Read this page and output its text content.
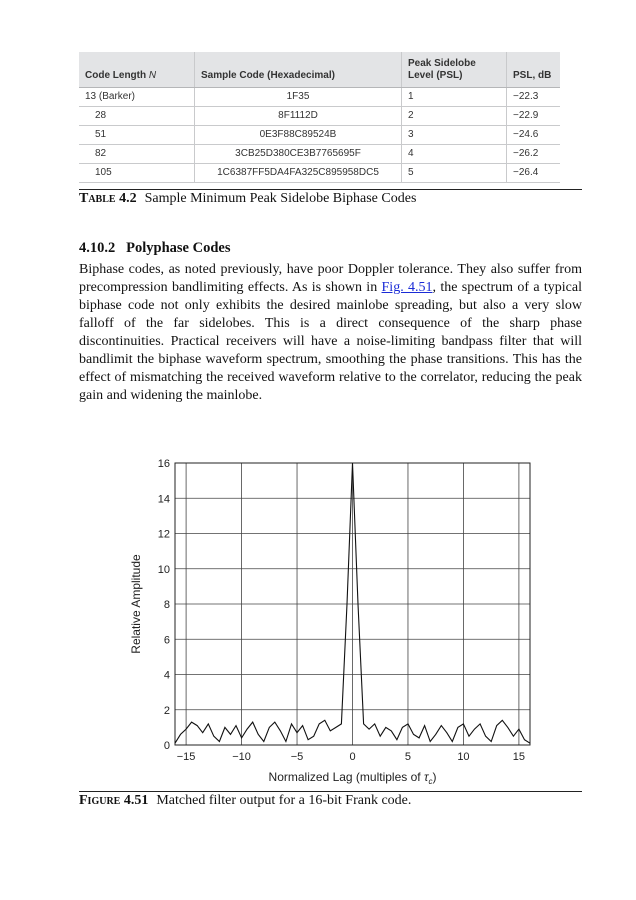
Code Length N	Sample Code (Hexadecimal)	Peak Sidelobe Level (PSL)	PSL, dB
13 (Barker)	1F35	1	−22.3
28	8F1112D	2	−22.9
51	0E3F88C89524B	3	−24.6
82	3CB25D380CE3B7765695F	4	−26.2
105	1C6387FF5DA4FA325C895958DC5	5	−26.4
Table 4.2 Sample Minimum Peak Sidelobe Biphase Codes
4.10.2 Polyphase Codes
Biphase codes, as noted previously, have poor Doppler tolerance. They also suffer from precompression bandlimiting effects. As is shown in Fig. 4.51, the spectrum of a typical biphase code not only exhibits the desired mainlobe spreading, but also a very slow falloff of the far sidelobes. This is a direct consequence of the sharp phase discontinuities. Practical receivers will have a noise-limiting bandpass filter that will bandlimit the biphase waveform spectrum, smoothing the phase transitions. This has the effect of mismatching the received waveform relative to the correlator, reducing the peak gain and widening the mainlobe.
−15	−10	−5	0	5	10	15
0
2
4
6
8
10
12
14
16
Relative Amplitude
Normalized Lag (multiples of $\tau_c$)
Figure 4.51 Matched filter output for a 16-bit Frank code.
